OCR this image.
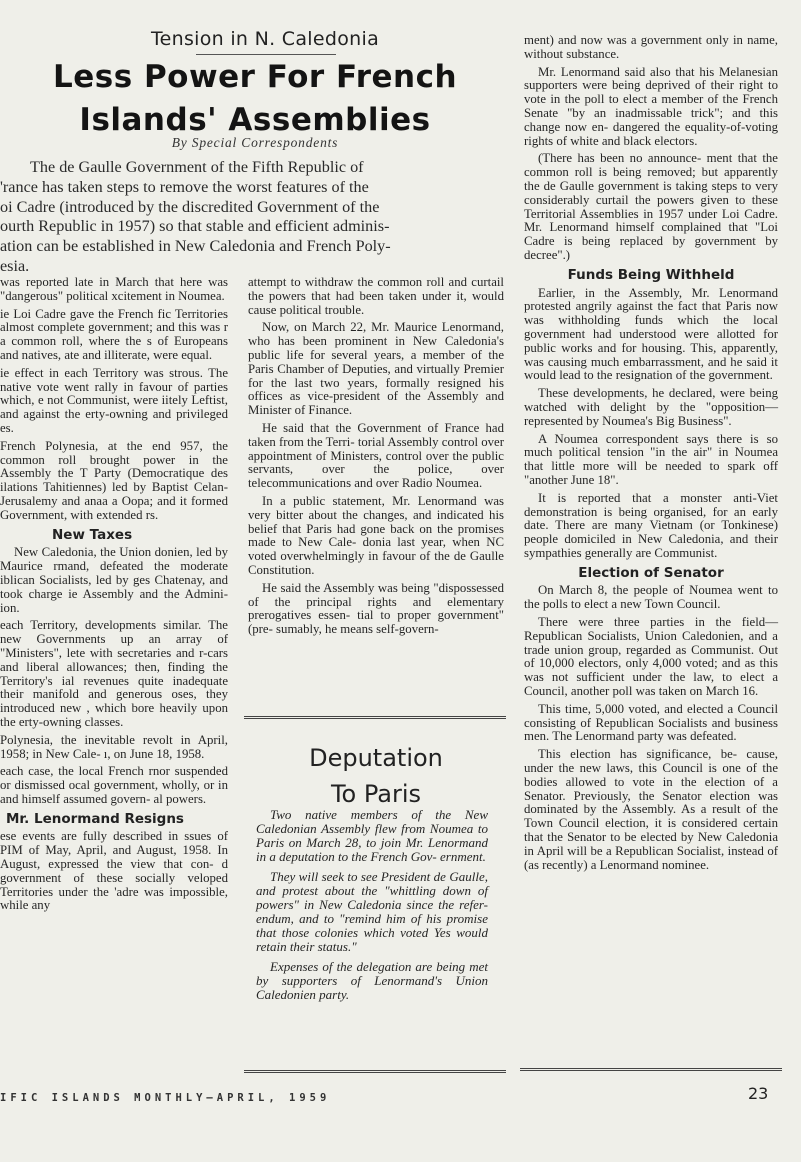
Tension in N. Caledonia
Less Power For French
Islands' Assemblies
By Special Correspondents
The de Gaulle Government of the Fifth Republic of
'rance has taken steps to remove the worst features of the
oi Cadre (introduced by the discredited Government of the
ourth Republic in 1957) so that stable and efficient adminis-
ation can be established in New Caledonia and French Poly-
esia.

was reported late in March that here was "dangerous" political xcitement in Noumea.

ie Loi Cadre gave the French fic Territories almost complete government; and this was r a common roll, where the s of Europeans and natives, ate and illiterate, were equal.

ie effect in each Territory was strous. The native vote went rally in favour of parties which, e not Communist, were iitely Leftist, and against the erty-owning and privileged es.

French Polynesia, at the end 957, the common roll brought power in the Assembly the T Party (Democratique des ilations Tahitiennes) led by Baptist Celan-Jerusalemy and anaa a Oopa; and it formed Government, with extended rs.

New Taxes

New Caledonia, the Union donien, led by Maurice rmand, defeated the moderate iblican Socialists, led by ges Chatenay, and took charge ie Assembly and the Admini- ion.

each Territory, developments similar. The new Governments up an array of "Ministers", lete with secretaries and r-cars and liberal allowances; then, finding the Territory's ial revenues quite inadequate their manifold and generous oses, they introduced new , which bore heavily upon the erty-owning classes.

Polynesia, the inevitable revolt in April, 1958; in New Cale- ı, on June 18, 1958.

each case, the local French rnor suspended or dismissed ocal government, wholly, or in and himself assumed govern- al powers.

Mr. Lenormand Resigns

ese events are fully described in ssues of PIM of May, April, and August, 1958. In August, expressed the view that con- d government of these socially veloped Territories under the 'adre was impossible, while any

attempt to withdraw the common roll and curtail the powers that had been taken under it, would cause political trouble.

Now, on March 22, Mr. Maurice Lenormand, who has been prominent in New Caledonia's public life for several years, a member of the Paris Chamber of Deputies, and virtually Premier for the last two years, formally resigned his offices as vice-president of the Assembly and Minister of Finance.

He said that the Government of France had taken from the Terri- torial Assembly control over appointment of Ministers, control over the public servants, over the police, over telecommunications and over Radio Noumea.

In a public statement, Mr. Lenormand was very bitter about the changes, and indicated his belief that Paris had gone back on the promises made to New Cale- donia last year, when NC voted overwhelmingly in favour of the de Gaulle Constitution.

He said the Assembly was being "dispossessed of the principal rights and elementary prerogatives essen- tial to proper government" (pre- sumably, he means self-govern-

Deputation
To Paris

Two native members of the New Caledonian Assembly flew from Noumea to Paris on March 28, to join Mr. Lenormand in a deputation to the French Gov- ernment.

They will seek to see President de Gaulle, and protest about the "whittling down of powers" in New Caledonia since the refer- endum, and to "remind him of his promise that those colonies which voted Yes would retain their status."

Expenses of the delegation are being met by supporters of Lenormand's Union Caledonien party.

ment) and now was a government only in name, without substance.

Mr. Lenormand said also that his Melanesian supporters were being deprived of their right to vote in the poll to elect a member of the French Senate "by an inadmissable trick"; and this change now en- dangered the equality-of-voting rights of white and black electors.

(There has been no announce- ment that the common roll is being removed; but apparently the de Gaulle government is taking steps to very considerably curtail the powers given to these Territorial Assemblies in 1957 under Loi Cadre. Mr. Lenormand himself complained that "Loi Cadre is being replaced by government by decree".)

Funds Being Withheld

Earlier, in the Assembly, Mr. Lenormand protested angrily against the fact that Paris now was withholding funds which the local government had understood were allotted for public works and for housing. This, apparently, was causing much embarrassment, and he said it would lead to the resignation of the government.

These developments, he declared, were being watched with delight by the "opposition—represented by Noumea's Big Business".

A Noumea correspondent says there is so much political tension "in the air" in Noumea that little more will be needed to spark off "another June 18".

It is reported that a monster anti-Viet demonstration is being organised, for an early date. There are many Vietnam (or Tonkinese) people domiciled in New Caledonia, and their sympathies generally are Communist.

Election of Senator

On March 8, the people of Noumea went to the polls to elect a new Town Council.

There were three parties in the field—Republican Socialists, Union Caledonien, and a trade union group, regarded as Communist. Out of 10,000 electors, only 4,000 voted; and as this was not sufficient under the law, to elect a Council, another poll was taken on March 16.

This time, 5,000 voted, and elected a Council consisting of Republican Socialists and business men. The Lenormand party was defeated.

This election has significance, be- cause, under the new laws, this Council is one of the bodies allowed to vote in the election of a Senator. Previously, the Senator election was dominated by the Assembly. As a result of the Town Council election, it is considered certain that the Senator to be elected by New Caledonia in April will be a Republican Socialist, instead of (as recently) a Lenormand nominee.

IFIC ISLANDS MONTHLY—APRIL, 1959	23
